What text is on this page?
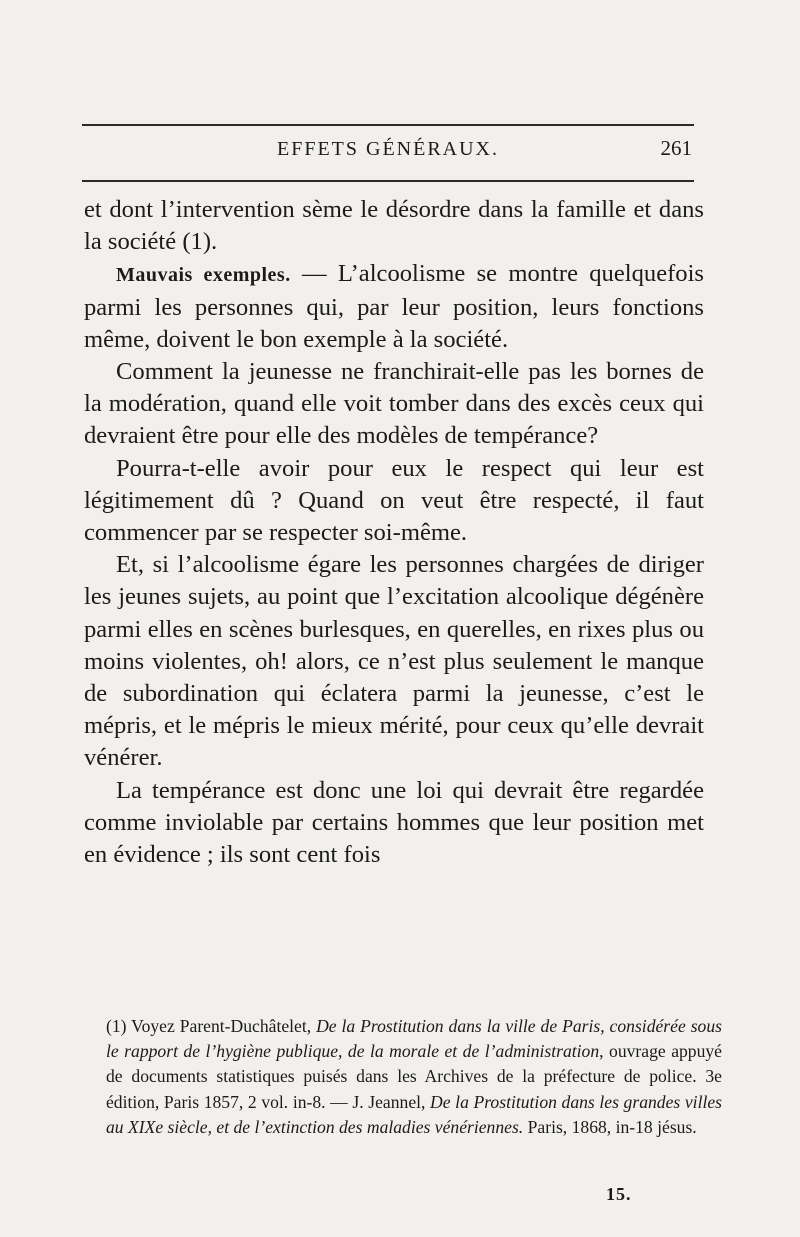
EFFETS GÉNÉRAUX.	261

et dont l’intervention sème le désordre dans la famille et dans la société (1).

Mauvais exemples. — L’alcoolisme se montre quelquefois parmi les personnes qui, par leur position, leurs fonctions même, doivent le bon exemple à la société.

Comment la jeunesse ne franchirait-elle pas les bornes de la modération, quand elle voit tomber dans des excès ceux qui devraient être pour elle des modèles de tempérance?

Pourra-t-elle avoir pour eux le respect qui leur est légitimement dû ? Quand on veut être respecté, il faut commencer par se respecter soi-même.

Et, si l’alcoolisme égare les personnes chargées de diriger les jeunes sujets, au point que l’excitation alcoolique dégénère parmi elles en scènes burlesques, en querelles, en rixes plus ou moins violentes, oh! alors, ce n’est plus seulement le manque de subordination qui éclatera parmi la jeunesse, c’est le mépris, et le mépris le mieux mérité, pour ceux qu’elle devrait vénérer.

La tempérance est donc une loi qui devrait être regardée comme inviolable par certains hommes que leur position met en évidence ; ils sont cent fois

(1) Voyez Parent-Duchâtelet, De la Prostitution dans la ville de Paris, considérée sous le rapport de l’hygiène publique, de la morale et de l’administration, ouvrage appuyé de documents statistiques puisés dans les Archives de la préfecture de police. 3e édition, Paris 1857, 2 vol. in-8. — J. Jeannel, De la Prostitution dans les grandes villes au XIXe siècle, et de l’extinction des maladies vénériennes. Paris, 1868, in-18 jésus.

15.
